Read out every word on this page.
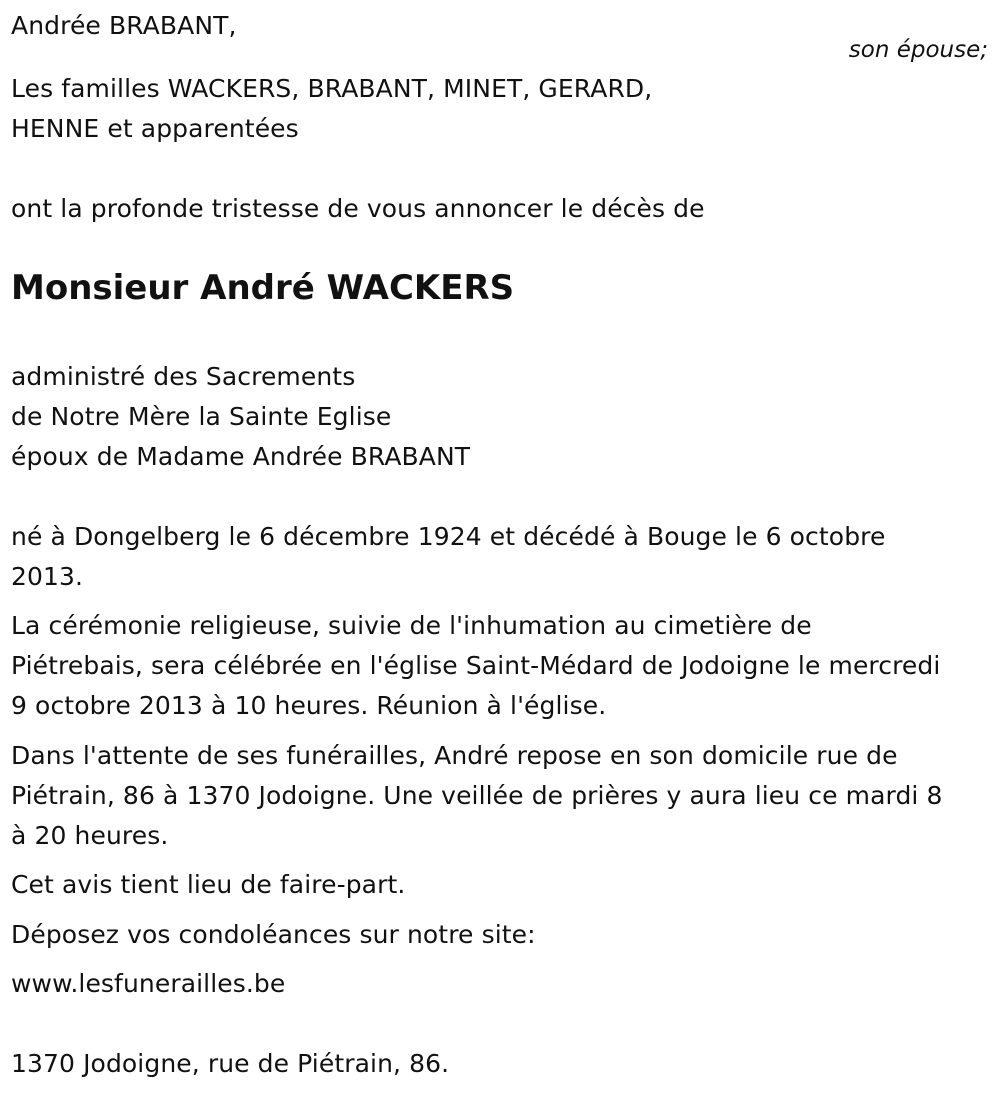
Andrée BRABANT,
son épouse;
Les familles WACKERS, BRABANT, MINET, GERARD,
HENNE et apparentées
ont la profonde tristesse de vous annoncer le décès de
Monsieur André WACKERS
administré des Sacrements
de Notre Mère la Sainte Eglise
époux de Madame Andrée BRABANT
né à Dongelberg le 6 décembre 1924 et décédé à Bouge le 6 octobre
2013.
La cérémonie religieuse, suivie de l'inhumation au cimetière de
Piétrebais, sera célébrée en l'église Saint-Médard de Jodoigne le mercredi
9 octobre 2013 à 10 heures. Réunion à l'église.
Dans l'attente de ses funérailles, André repose en son domicile rue de
Piétrain, 86 à 1370 Jodoigne. Une veillée de prières y aura lieu ce mardi 8
à 20 heures.
Cet avis tient lieu de faire-part.
Déposez vos condoléances sur notre site:
www.lesfunerailles.be
1370 Jodoigne, rue de Piétrain, 86.
